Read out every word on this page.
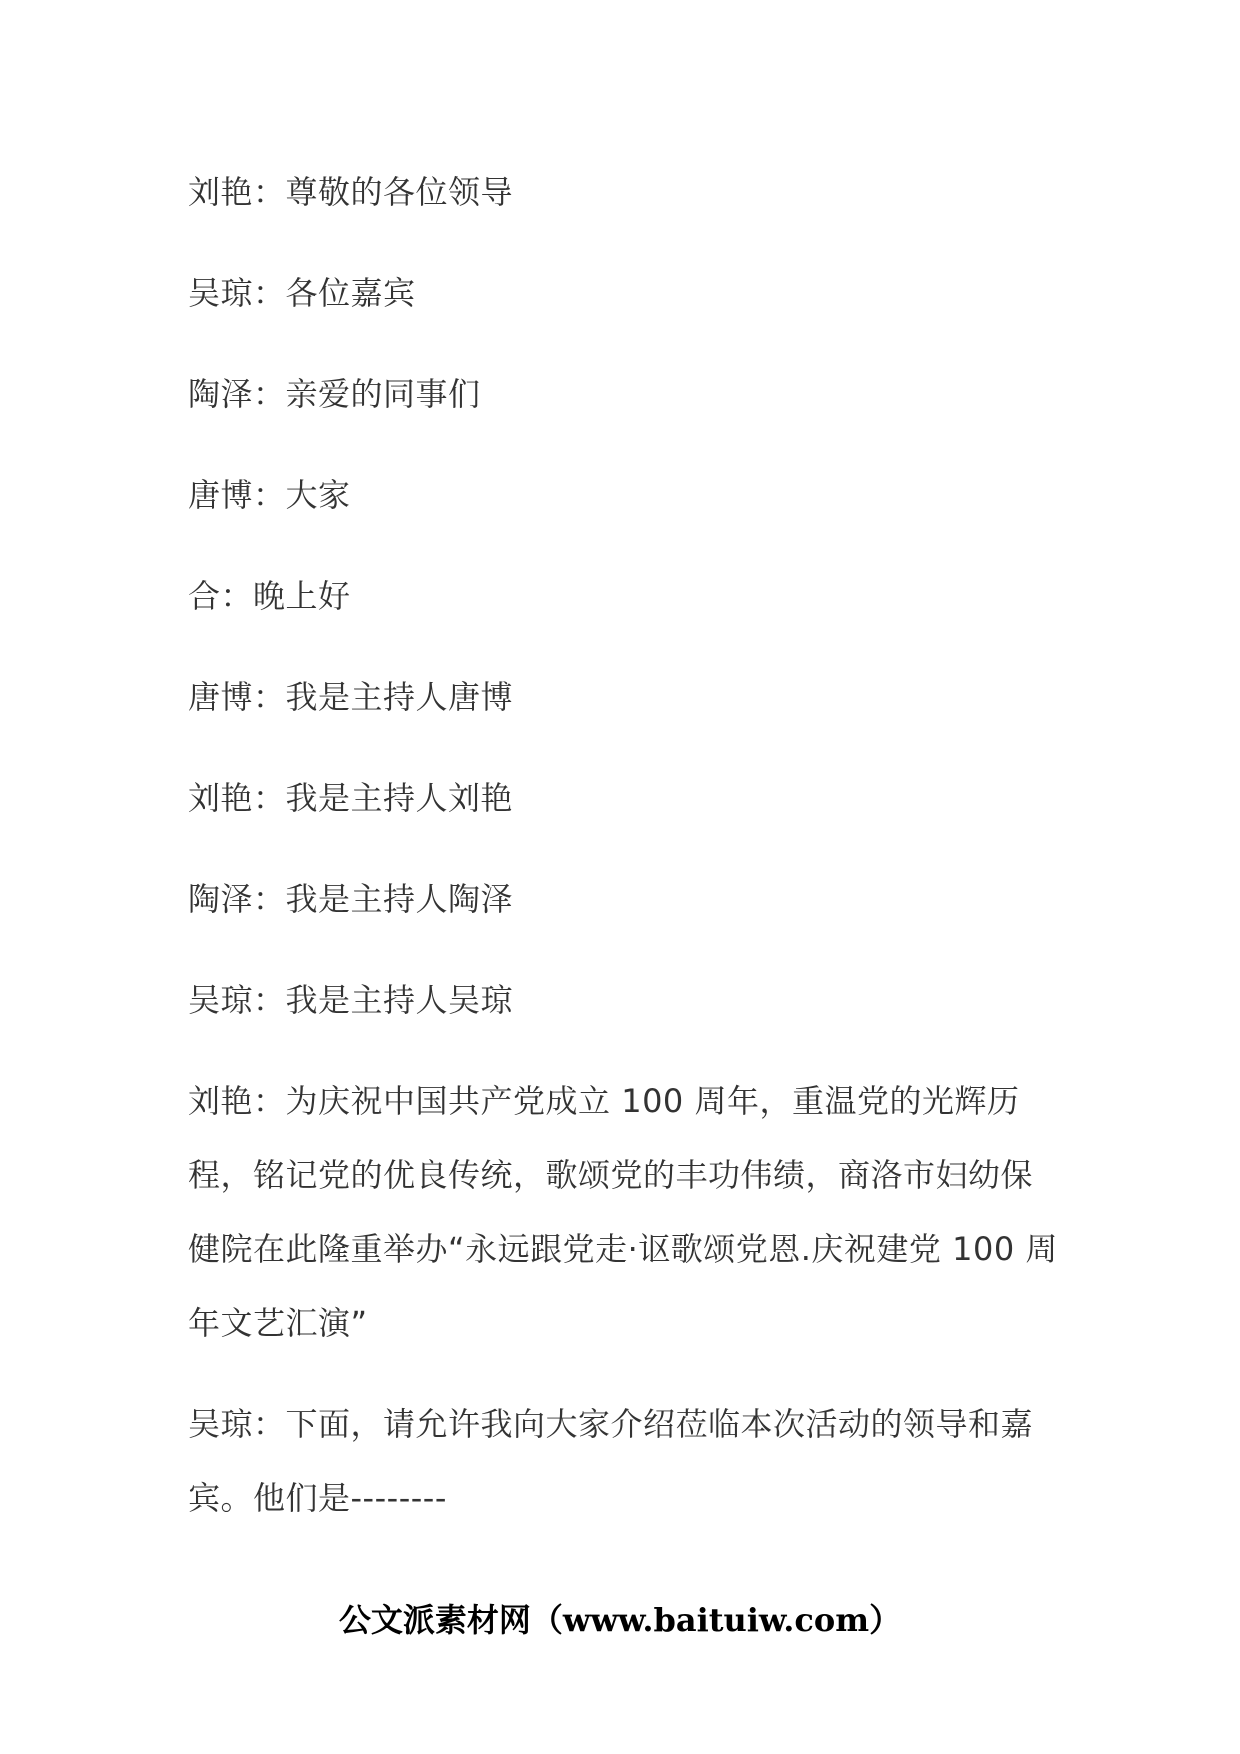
刘艳：尊敬的各位领导

吴琼：各位嘉宾

陶泽：亲爱的同事们

唐博：大家

合：晚上好

唐博：我是主持人唐博

刘艳：我是主持人刘艳

陶泽：我是主持人陶泽

吴琼：我是主持人吴琼

刘艳：为庆祝中国共产党成立 100 周年，重温党的光辉历程，铭记党的优良传统，歌颂党的丰功伟绩，商洛市妇幼保健院在此隆重举办“永远跟党走·讴歌颂党恩.庆祝建党 100 周年文艺汇演”

吴琼：下面，请允许我向大家介绍莅临本次活动的领导和嘉宾。他们是--------

公文派素材网（www.baituiw.com）
